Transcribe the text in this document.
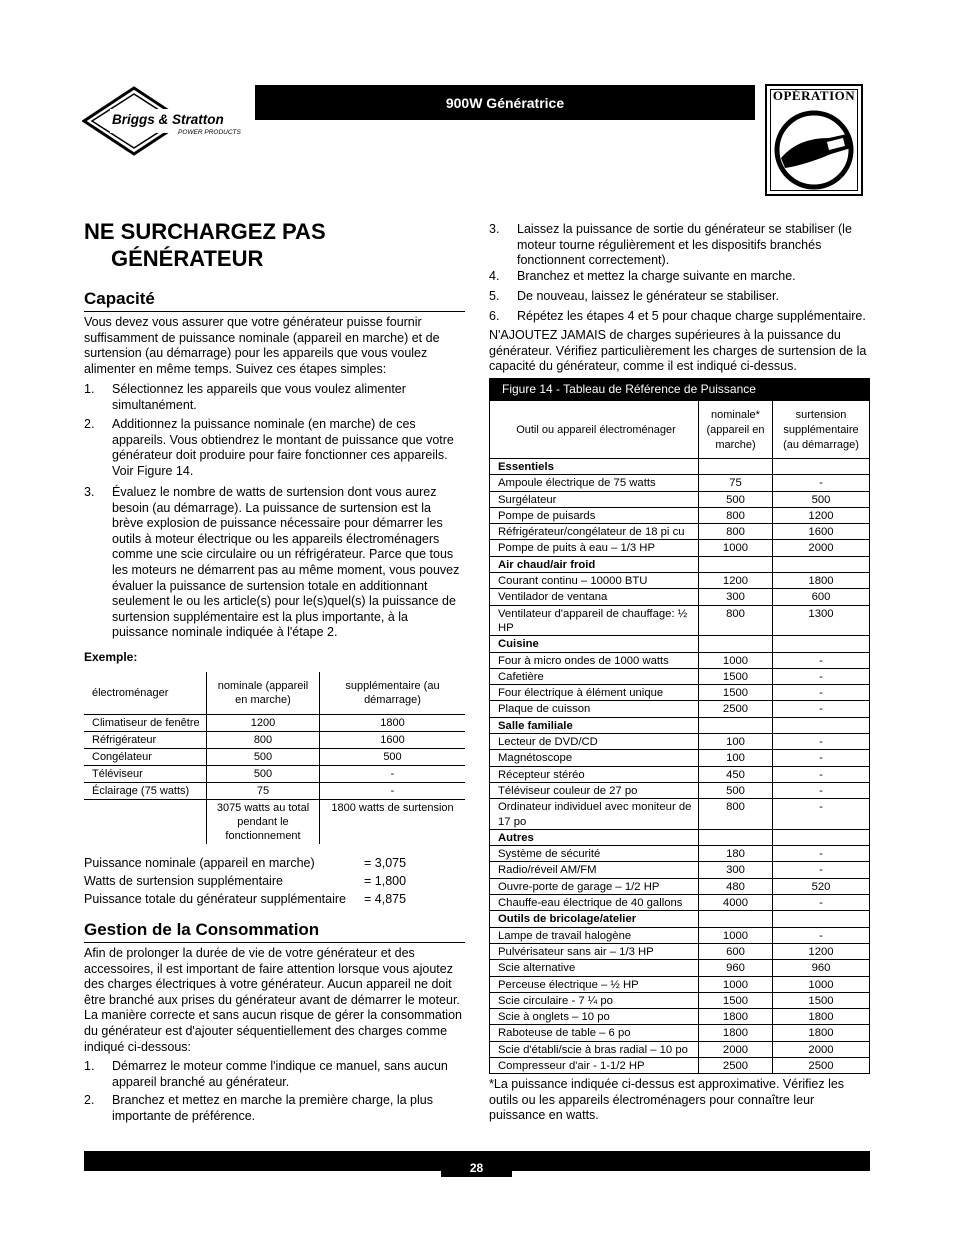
Briggs & Stratton
POWER PRODUCTS
900W Génératrice	OPÉRATION
NE SURCHARGEZ PAS
GÉNÉRATEUR
Capacité
Vous devez vous assurer que votre générateur puisse fournir suffisamment de puissance nominale (appareil en marche) et de surtension (au démarrage) pour les appareils que vous voulez alimenter en même temps. Suivez ces étapes simples:
1. Sélectionnez les appareils que vous voulez alimenter simultanément.
2. Additionnez la puissance nominale (en marche) de ces appareils. Vous obtiendrez le montant de puissance que votre générateur doit produire pour faire fonctionner ces appareils. Voir Figure 14.
3. Évaluez le nombre de watts de surtension dont vous aurez besoin (au démarrage). La puissance de surtension est la brève explosion de puissance nécessaire pour démarrer les outils à moteur électrique ou les appareils électroménagers comme une scie circulaire ou un réfrigérateur. Parce que tous les moteurs ne démarrent pas au même moment, vous pouvez évaluer la puissance de surtension totale en additionnant seulement le ou les article(s) pour le(s)quel(s) la puissance de surtension supplémentaire est la plus importante, à la puissance nominale indiquée à l'étape 2.
Exemple:
électroménager	nominale (appareil en marche)	supplémentaire (au démarrage)
Climatiseur de fenêtre	1200	1800
Réfrigérateur	800	1600
Congélateur	500	500
Téléviseur	500	-
Éclairage (75 watts)	75	-
	3075 watts au total pendant le fonctionnement	1800 watts de surtension
Puissance nominale (appareil en marche)	= 3,075
Watts de surtension supplémentaire	= 1,800
Puissance totale du générateur supplémentaire = 4,875
Gestion de la Consommation
Afin de prolonger la durée de vie de votre générateur et des accessoires, il est important de faire attention lorsque vous ajoutez des charges électriques à votre générateur. Aucun appareil ne doit être branché aux prises du générateur avant de démarrer le moteur. La manière correcte et sans aucun risque de gérer la consommation du générateur est d'ajouter séquentiellement des charges comme indiqué ci-dessous:
1. Démarrez le moteur comme l'indique ce manuel, sans aucun appareil branché au générateur.
2. Branchez et mettez en marche la première charge, la plus importante de préférence.
3. Laissez la puissance de sortie du générateur se stabiliser (le moteur tourne régulièrement et les dispositifs branchés fonctionnent correctement).
4. Branchez et mettez la charge suivante en marche.
5. De nouveau, laissez le générateur se stabiliser.
6. Répétez les étapes 4 et 5 pour chaque charge supplémentaire.
N'AJOUTEZ JAMAIS de charges supérieures à la puissance du générateur. Vérifiez particulièrement les charges de surtension de la capacité du générateur, comme il est indiqué ci-dessus.
Figure 14 - Tableau de Référence de Puissance
Outil ou appareil électroménager	nominale* (appareil en marche)	surtension supplémentaire (au démarrage)
Essentiels		
Ampoule électrique de 75 watts	75	-
Surgélateur	500	500
Pompe de puisards	800	1200
Réfrigérateur/congélateur de 18 pi cu	800	1600
Pompe de puits à eau – 1/3 HP	1000	2000
Air chaud/air froid		
Courant continu – 10000 BTU	1200	1800
Ventilador de ventana	300	600
Ventilateur d'appareil de chauffage: ½ HP	800	1300
Cuisine		
Four à micro ondes de 1000 watts	1000	-
Cafetière	1500	-
Four électrique à élément unique	1500	-
Plaque de cuisson	2500	-
Salle familiale		
Lecteur de DVD/CD	100	-
Magnétoscope	100	-
Récepteur stéréo	450	-
Téléviseur couleur de 27 po	500	-
Ordinateur individuel avec moniteur de 17 po	800	-
Autres		
Système de sécurité	180	-
Radio/réveil AM/FM	300	-
Ouvre-porte de garage – 1/2 HP	480	520
Chauffe-eau électrique de 40 gallons	4000	-
Outils de bricolage/atelier		
Lampe de travail halogène	1000	-
Pulvérisateur sans air – 1/3 HP	600	1200
Scie alternative	960	960
Perceuse électrique – ½ HP	1000	1000
Scie circulaire - 7 ¼ po	1500	1500
Scie à onglets – 10 po	1800	1800
Raboteuse de table – 6 po	1800	1800
Scie d'établi/scie à bras radial – 10 po	2000	2000
Compresseur d'air - 1-1/2 HP	2500	2500
*La puissance indiquée ci-dessus est approximative. Vérifiez les outils ou les appareils électroménagers pour connaître leur puissance en watts.
28
